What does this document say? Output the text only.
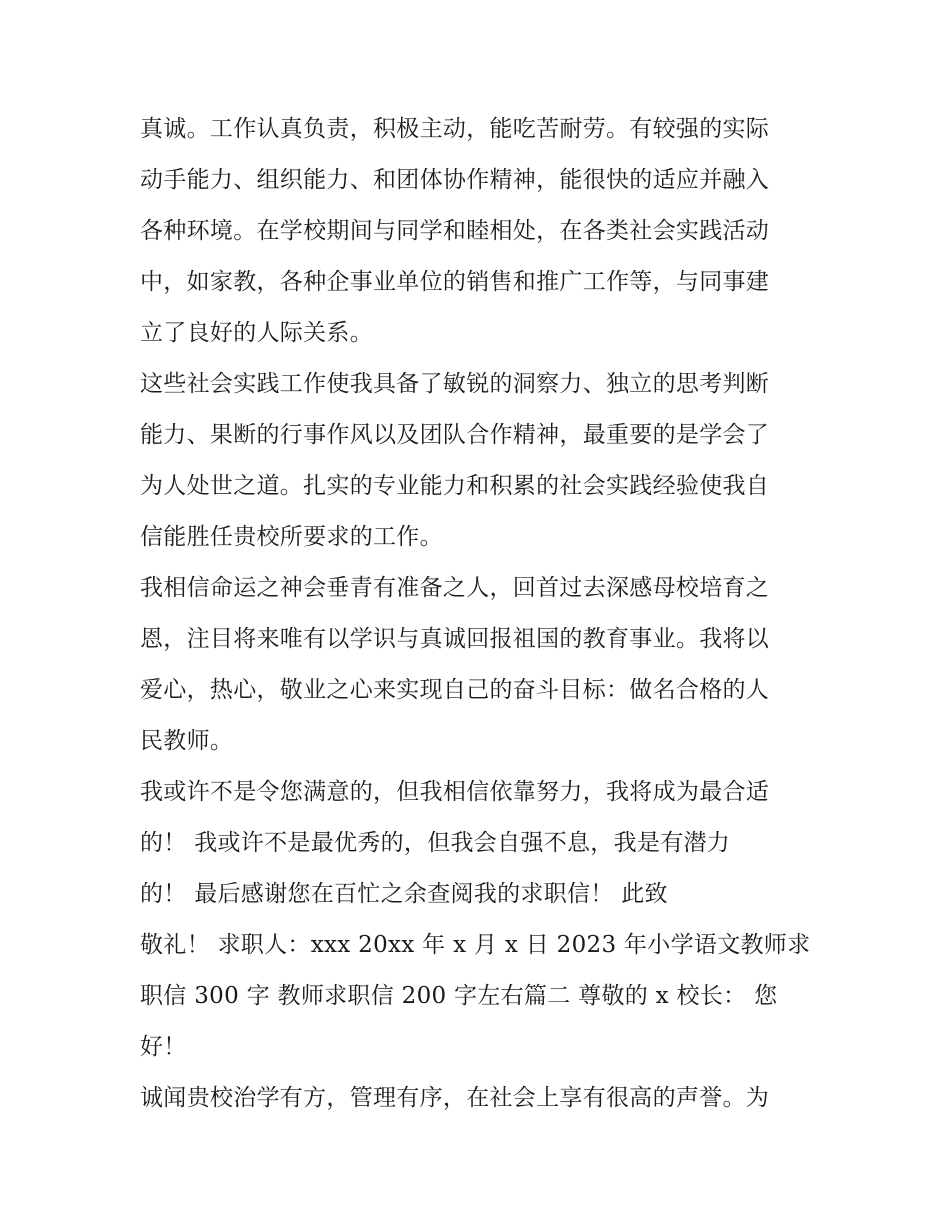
真诚。工作认真负责，积极主动，能吃苦耐劳。有较强的实际
动手能力、组织能力、和团体协作精神，能很快的适应并融入
各种环境。在学校期间与同学和睦相处，在各类社会实践活动
中，如家教，各种企事业单位的销售和推广工作等，与同事建
立了良好的人际关系。
这些社会实践工作使我具备了敏锐的洞察力、独立的思考判断
能力、果断的行事作风以及团队合作精神，最重要的是学会了
为人处世之道。扎实的专业能力和积累的社会实践经验使我自
信能胜任贵校所要求的工作。
我相信命运之神会垂青有准备之人，回首过去深感母校培育之
恩，注目将来唯有以学识与真诚回报祖国的教育事业。我将以
爱心，热心，敬业之心来实现自己的奋斗目标：做名合格的人
民教师。
我或许不是令您满意的，但我相信依靠努力，我将成为最合适
的！ 我或许不是最优秀的，但我会自强不息，我是有潜力
的！ 最后感谢您在百忙之余查阅我的求职信！ 此致
敬礼！ 求职人：xxx 20xx 年 x 月 x 日 2023 年小学语文教师求
职信 300 字 教师求职信 200 字左右篇二 尊敬的 x 校长： 您
好！
诚闻贵校治学有方，管理有序，在社会上享有很高的声誉。为
